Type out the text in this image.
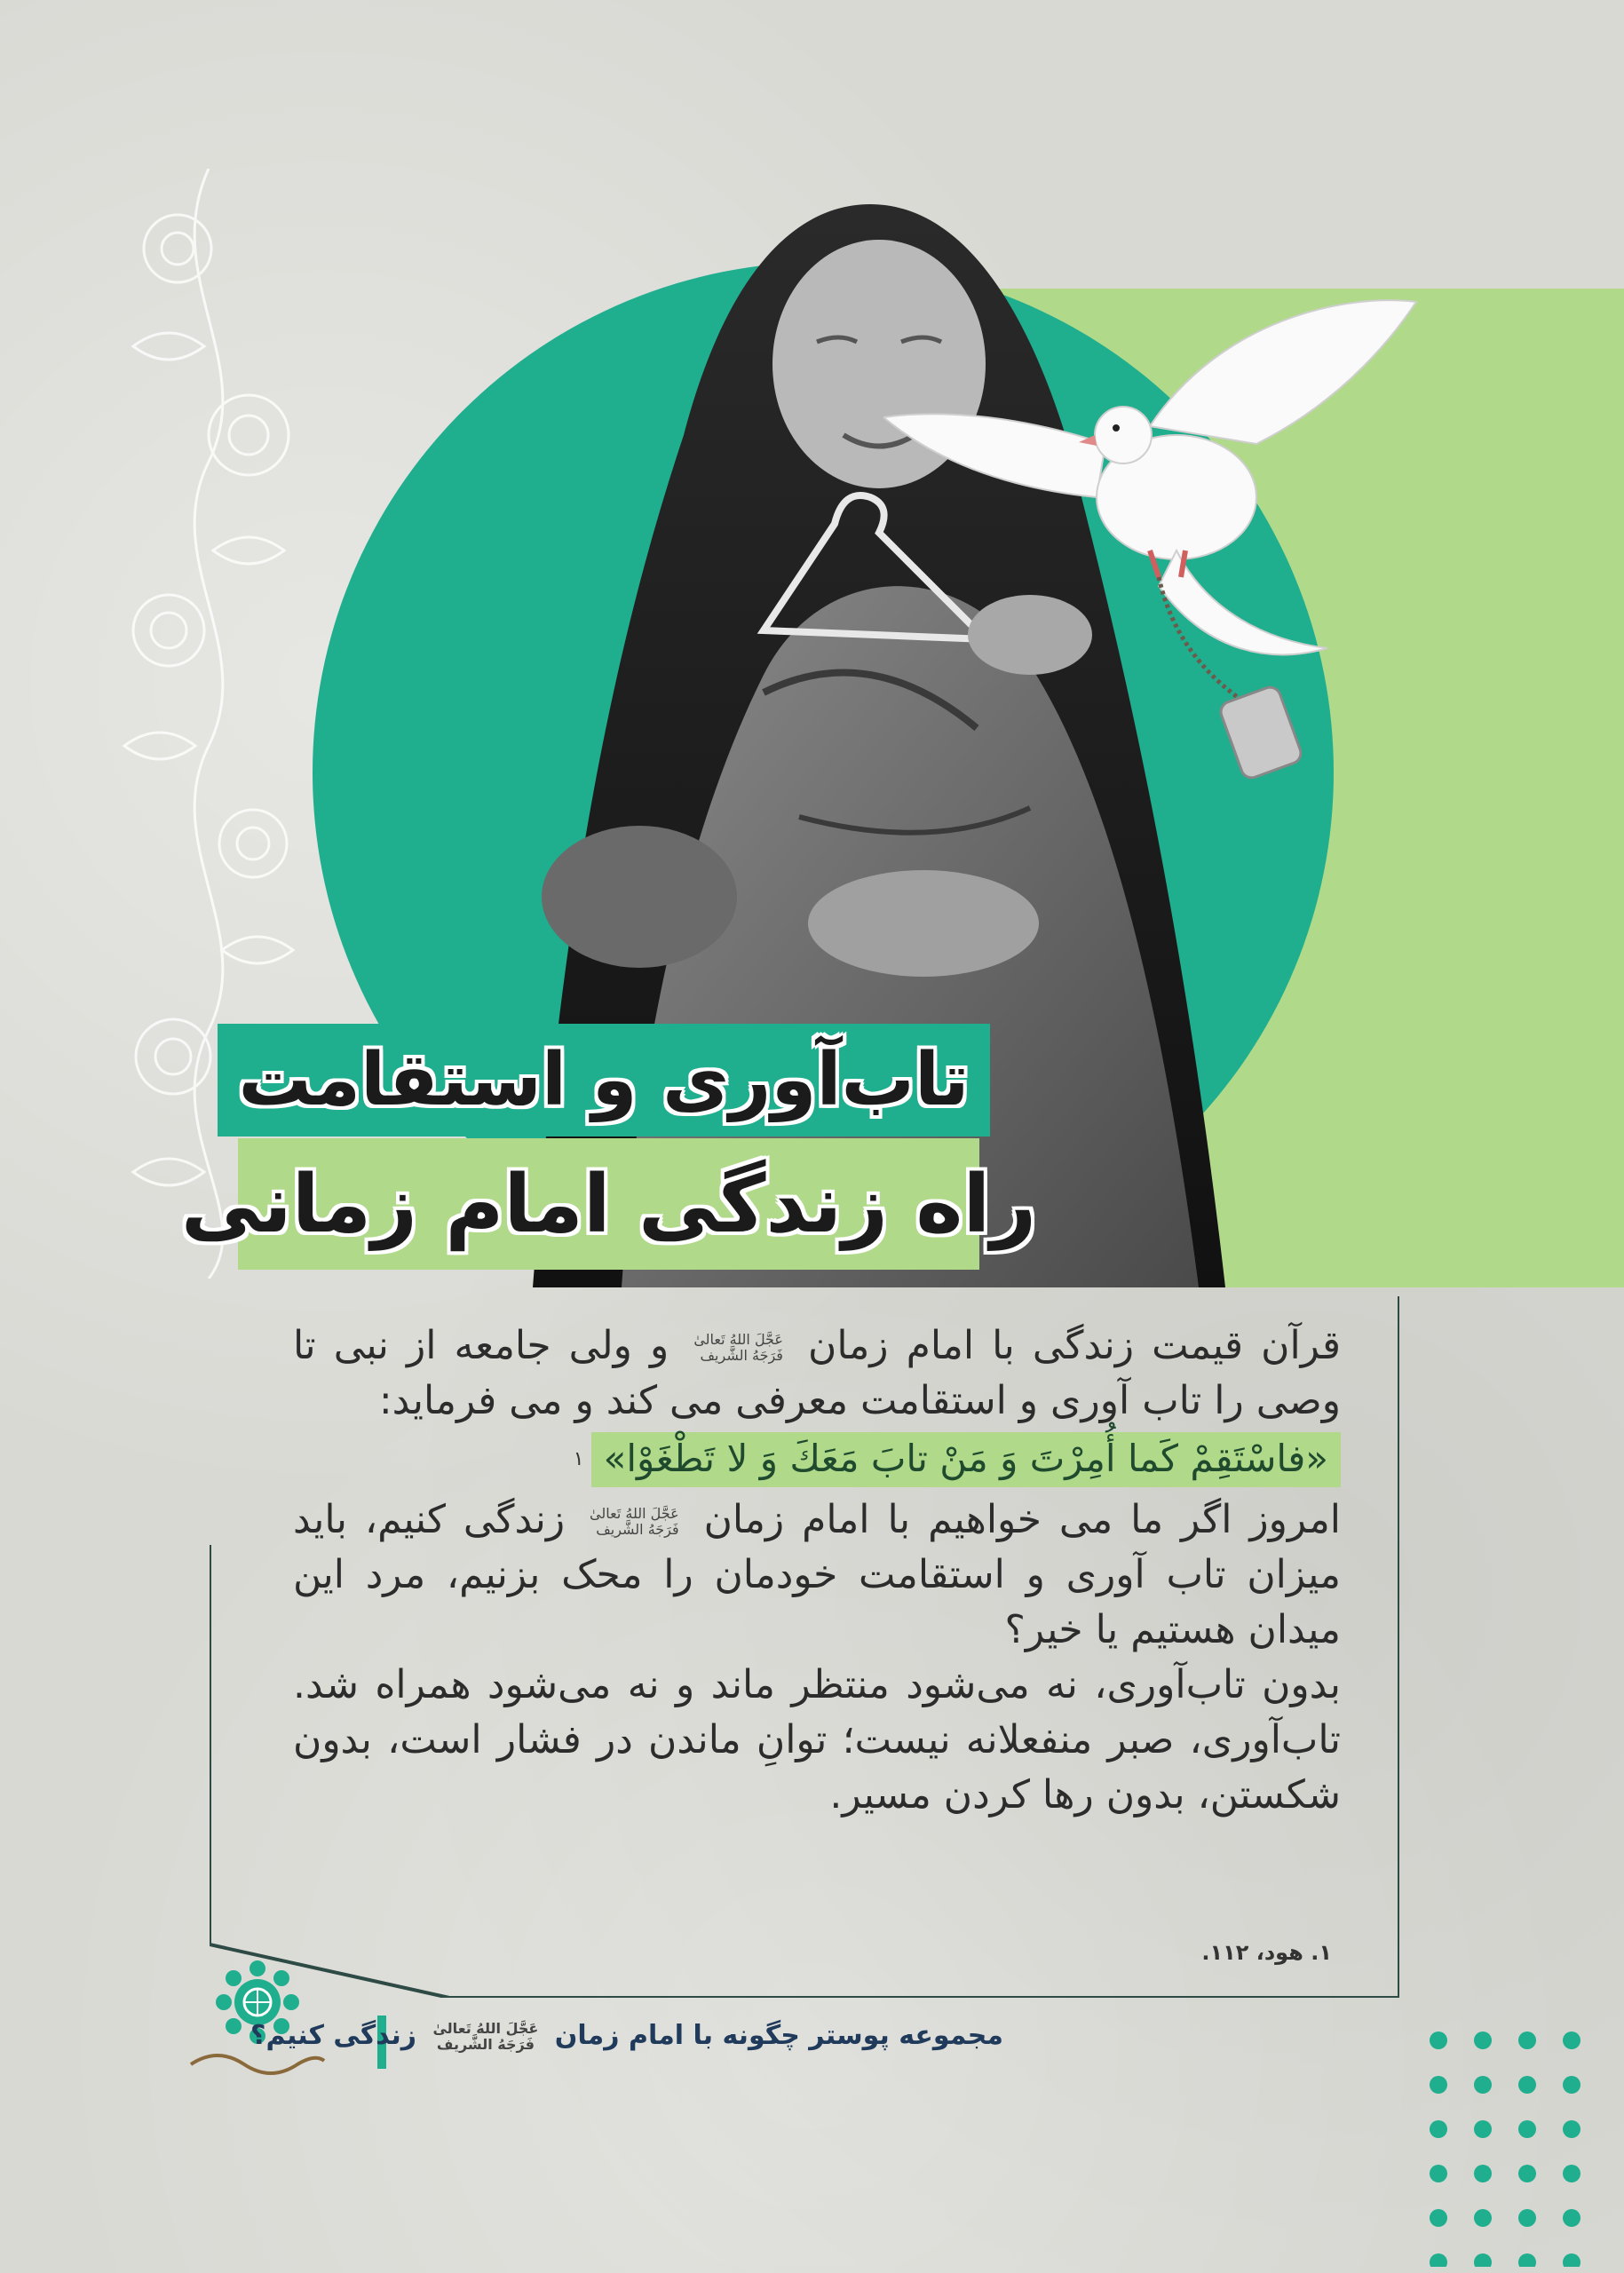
تاب‌آوری و استقامت
راه زندگی امام زمانی

قرآن قیمت زندگی با امام زمان عَجَّلَ اللهُ تَعالیٰ
فَرَجَهُ الشَّریف و ولی جامعه از نبی تا وصی را تاب آوری و استقامت معرفی می کند و می فرماید:

«فاسْتَقِمْ کَما أُمِرْتَ وَ مَنْ تابَ مَعَكَ وَ لا تَطْغَوْا»
۱

امروز اگر ما می خواهیم با امام زمان عَجَّلَ اللهُ تَعالیٰ
فَرَجَهُ الشَّریف زندگی کنیم، باید میزان تاب آوری و استقامت خودمان را محک بزنیم، مرد این میدان هستیم یا خیر؟

بدون تاب‌آوری، نه می‌شود منتظر ماند و نه می‌شود همراه شد. تاب‌آوری، صبر منفعلانه نیست؛ توانِ ماندن در فشار است، بدون شکستن، بدون رها کردن مسیر.

۱. هود، ۱۱۲.
مجموعه پوستر چگونه با امام زمان عَجَّلَ اللهُ تَعالیٰ
فَرَجَهُ الشَّریف زندگی کنیم؟
